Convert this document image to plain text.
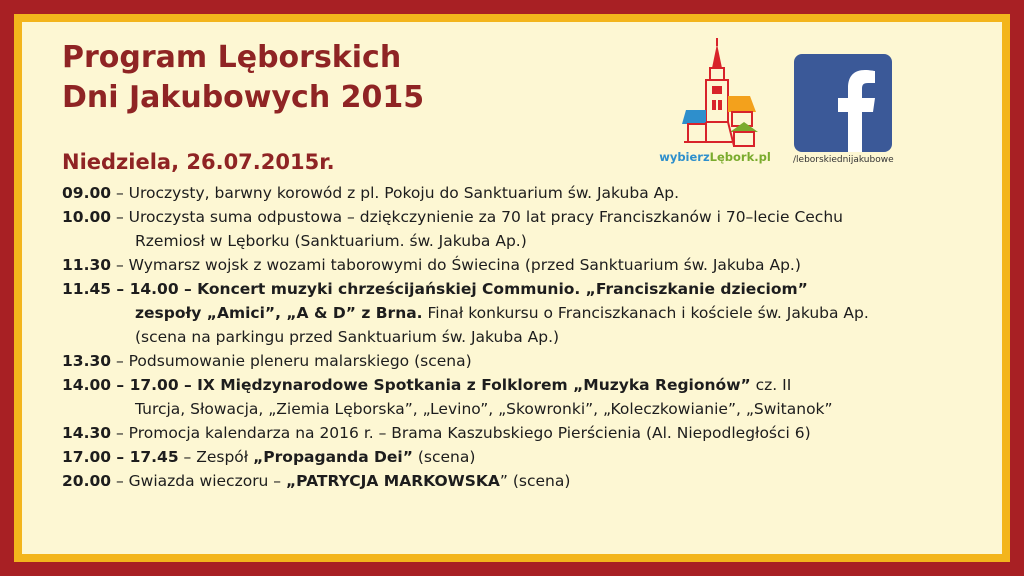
Program Lęborskich
Dni Jakubowych 2015
Niedziela, 26.07.2015r.	wybierzLębork.pl	/leborskiednijakubowe
09.00 – Uroczysty, barwny korowód z pl. Pokoju do Sanktuarium św. Jakuba Ap.
10.00 – Uroczysta suma odpustowa – dziękczynienie za 70 lat pracy Franciszkanów i 70–lecie Cechu
Rzemiosł w Lęborku (Sanktuarium. św. Jakuba Ap.)
11.30 – Wymarsz wojsk z wozami taborowymi do Świecina (przed Sanktuarium św. Jakuba Ap.)
11.45 – 14.00 – Koncert muzyki chrześcijańskiej Communio. „Franciszkanie dzieciom”
zespoły „Amici”, „A & D” z Brna. Finał konkursu o Franciszkanach i kościele św. Jakuba Ap.
(scena na parkingu przed Sanktuarium św. Jakuba Ap.)
13.30 – Podsumowanie pleneru malarskiego (scena)
14.00 – 17.00 – IX Międzynarodowe Spotkania z Folklorem „Muzyka Regionów” cz. II
Turcja, Słowacja, „Ziemia Lęborska”, „Levino”, „Skowronki”, „Koleczkowianie”, „Switanok”
14.30 – Promocja kalendarza na 2016 r. – Brama Kaszubskiego Pierścienia (Al. Niepodległości 6)
17.00 – 17.45 – Zespół „Propaganda Dei” (scena)
20.00 – Gwiazda wieczoru – „PATRYCJA MARKOWSKA” (scena)
